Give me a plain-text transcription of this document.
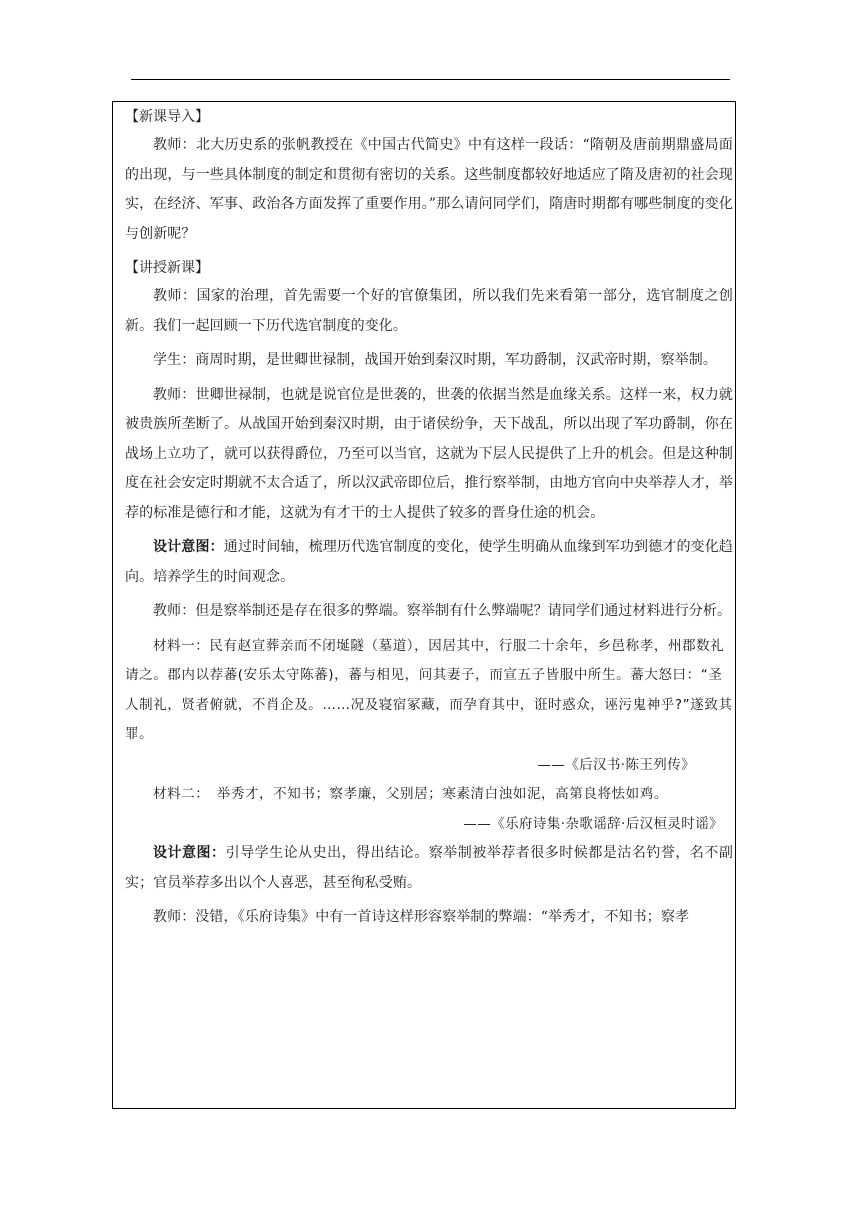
【新课导入】

教师：北大历史系的张帆教授在《中国古代简史》中有这样一段话：“隋朝及唐前期鼎盛局面的出现，与一些具体制度的制定和贯彻有密切的关系。这些制度都较好地适应了隋及唐初的社会现实，在经济、军事、政治各方面发挥了重要作用。”那么请问同学们，隋唐时期都有哪些制度的变化与创新呢？

【讲授新课】

教师：国家的治理，首先需要一个好的官僚集团，所以我们先来看第一部分，选官制度之创新。我们一起回顾一下历代选官制度的变化。

学生：商周时期，是世卿世禄制，战国开始到秦汉时期，军功爵制，汉武帝时期，察举制。

教师：世卿世禄制，也就是说官位是世袭的，世袭的依据当然是血缘关系。这样一来，权力就被贵族所垄断了。从战国开始到秦汉时期，由于诸侯纷争，天下战乱，所以出现了军功爵制，你在战场上立功了，就可以获得爵位，乃至可以当官，这就为下层人民提供了上升的机会。但是这种制度在社会安定时期就不太合适了，所以汉武帝即位后，推行察举制，由地方官向中央举荐人才，举荐的标准是德行和才能，这就为有才干的士人提供了较多的晋身仕途的机会。

设计意图：通过时间轴，梳理历代选官制度的变化，使学生明确从血缘到军功到德才的变化趋向。培养学生的时间观念。

教师：但是察举制还是存在很多的弊端。察举制有什么弊端呢？请同学们通过材料进行分析。

材料一：民有赵宣葬亲而不闭埏隧（墓道），因居其中，行服二十余年，乡邑称孝，州郡数礼请之。郡内以荐蕃(安乐太守陈蕃)，蕃与相见，问其妻子，而宣五子皆服中所生。蕃大怒曰：“圣人制礼，贤者俯就，不肖企及。……况及寝宿冢藏，而孕育其中，诳时惑众，诬污鬼神乎?”遂致其罪。
——《后汉书·陈王列传》
材料二：　举秀才，不知书；察孝廉，父别居；寒素清白浊如泥，高第良将怯如鸡。
——《乐府诗集·杂歌谣辞·后汉桓灵时谣》

设计意图：引导学生论从史出，得出结论。察举制被举荐者很多时候都是沽名钓誉，名不副实；官员举荐多出以个人喜恶，甚至徇私受贿。

教师：没错，《乐府诗集》中有一首诗这样形容察举制的弊端：“举秀才，不知书；察孝
